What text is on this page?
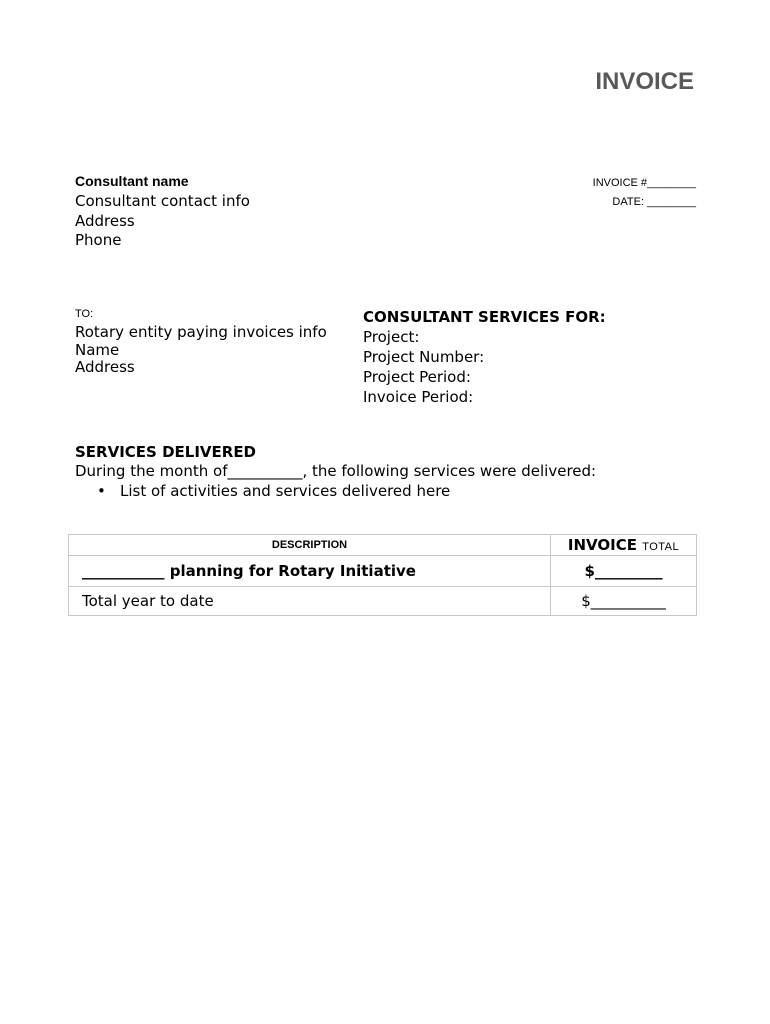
INVOICE
Consultant name
Consultant contact info
Address
Phone
INVOICE #________
DATE: ________
TO:
Rotary entity paying invoices info
Name
Address
CONSULTANT SERVICES FOR:
Project:
Project Number:
Project Period:
Invoice Period:
SERVICES DELIVERED
During the month of__________, the following services were delivered:
• List of activities and services delivered here
DESCRIPTION	INVOICE TOTAL
___________ planning for Rotary Initiative	$_________
Total year to date	$__________
